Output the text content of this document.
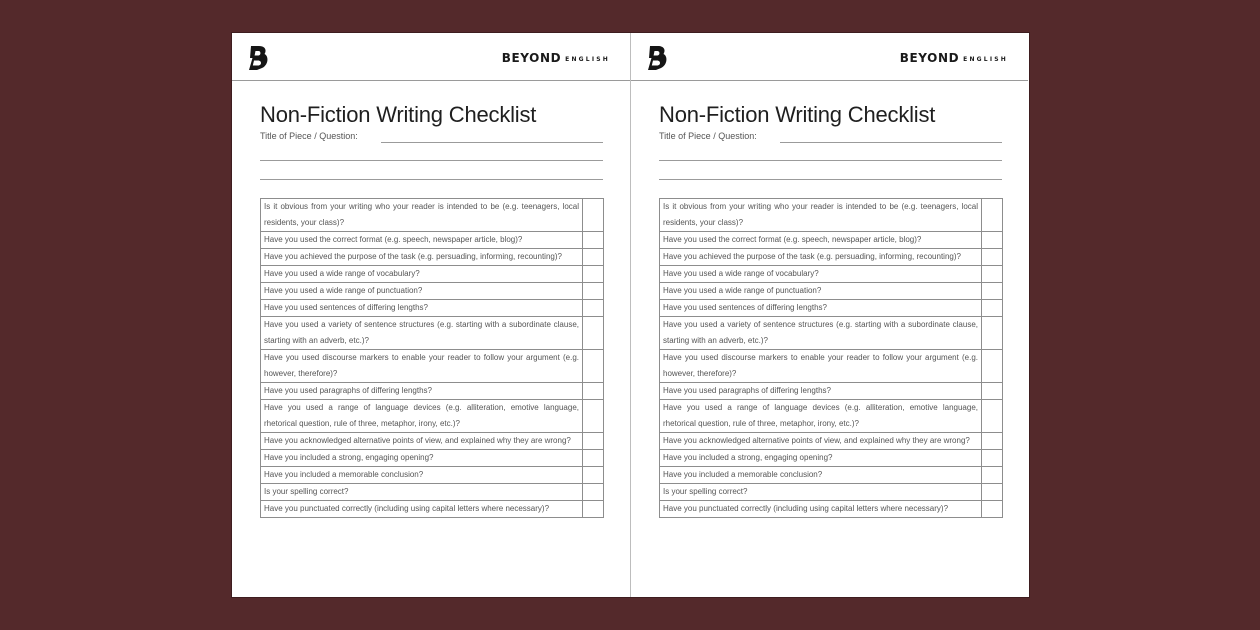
BEYOND ENGLISH
Non-Fiction Writing Checklist
Title of Piece / Question:
Is it obvious from your writing who your reader is intended to be (e.g. teenagers, local residents, your class)?	
Have you used the correct format (e.g. speech, newspaper article, blog)?	
Have you achieved the purpose of the task (e.g. persuading, informing, recounting)?	
Have you used a wide range of vocabulary?	
Have you used a wide range of punctuation?	
Have you used sentences of differing lengths?	
Have you used a variety of sentence structures (e.g. starting with a subordinate clause, starting with an adverb, etc.)?	
Have you used discourse markers to enable your reader to follow your argument (e.g. however, therefore)?	
Have you used paragraphs of differing lengths?	
Have you used a range of language devices (e.g. alliteration, emotive language, rhetorical question, rule of three, metaphor, irony, etc.)?	
Have you acknowledged alternative points of view, and explained why they are wrong?	
Have you included a strong, engaging opening?	
Have you included a memorable conclusion?	
Is your spelling correct?	
Have you punctuated correctly (including using capital letters where necessary)?	
BEYOND ENGLISH
Non-Fiction Writing Checklist
Title of Piece / Question:
Is it obvious from your writing who your reader is intended to be (e.g. teenagers, local residents, your class)?	
Have you used the correct format (e.g. speech, newspaper article, blog)?	
Have you achieved the purpose of the task (e.g. persuading, informing, recounting)?	
Have you used a wide range of vocabulary?	
Have you used a wide range of punctuation?	
Have you used sentences of differing lengths?	
Have you used a variety of sentence structures (e.g. starting with a subordinate clause, starting with an adverb, etc.)?	
Have you used discourse markers to enable your reader to follow your argument (e.g. however, therefore)?	
Have you used paragraphs of differing lengths?	
Have you used a range of language devices (e.g. alliteration, emotive language, rhetorical question, rule of three, metaphor, irony, etc.)?	
Have you acknowledged alternative points of view, and explained why they are wrong?	
Have you included a strong, engaging opening?	
Have you included a memorable conclusion?	
Is your spelling correct?	
Have you punctuated correctly (including using capital letters where necessary)?	
